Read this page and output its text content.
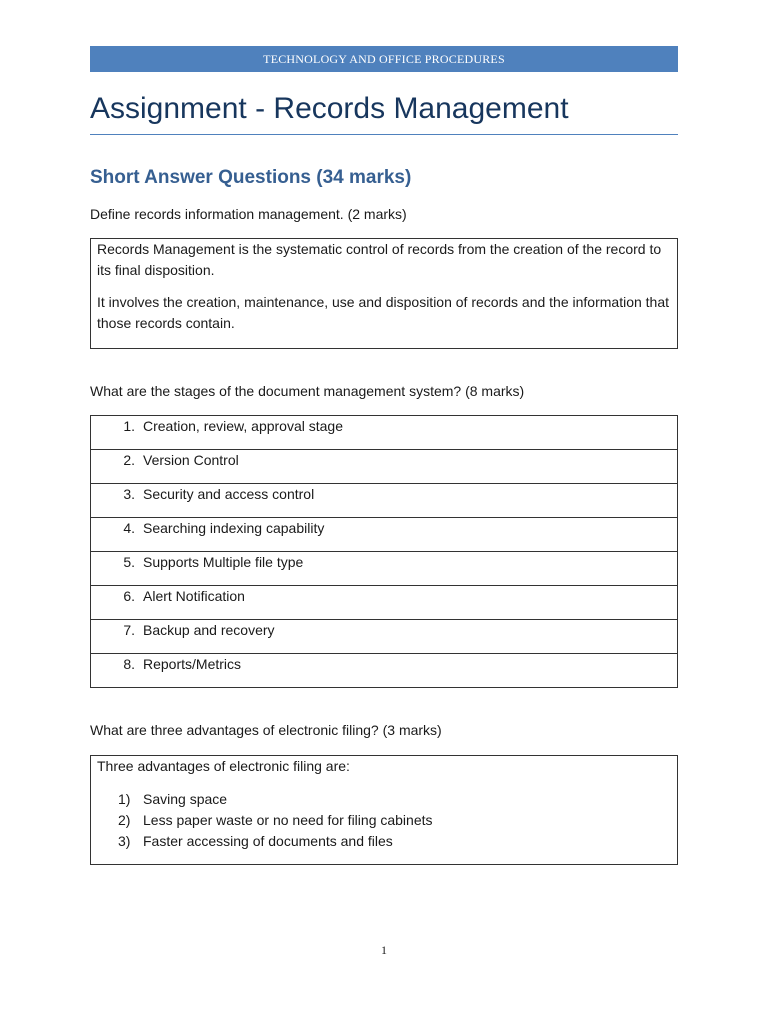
TECHNOLOGY AND OFFICE PROCEDURES
Assignment - Records Management
Short Answer Questions (34 marks)

Define records information management. (2 marks)

Records Management is the systematic control of records from the creation of the record to its final disposition.

It involves the creation, maintenance, use and disposition of records and the information that those records contain.

What are the stages of the document management system? (8 marks)

1. Creation, review, approval stage
2. Version Control
3. Security and access control
4. Searching indexing capability
5. Supports Multiple file type
6. Alert Notification
7. Backup and recovery
8. Reports/Metrics

What are three advantages of electronic filing? (3 marks)

Three advantages of electronic filing are:

1) Saving space
2) Less paper waste or no need for filing cabinets
3) Faster accessing of documents and files
1
